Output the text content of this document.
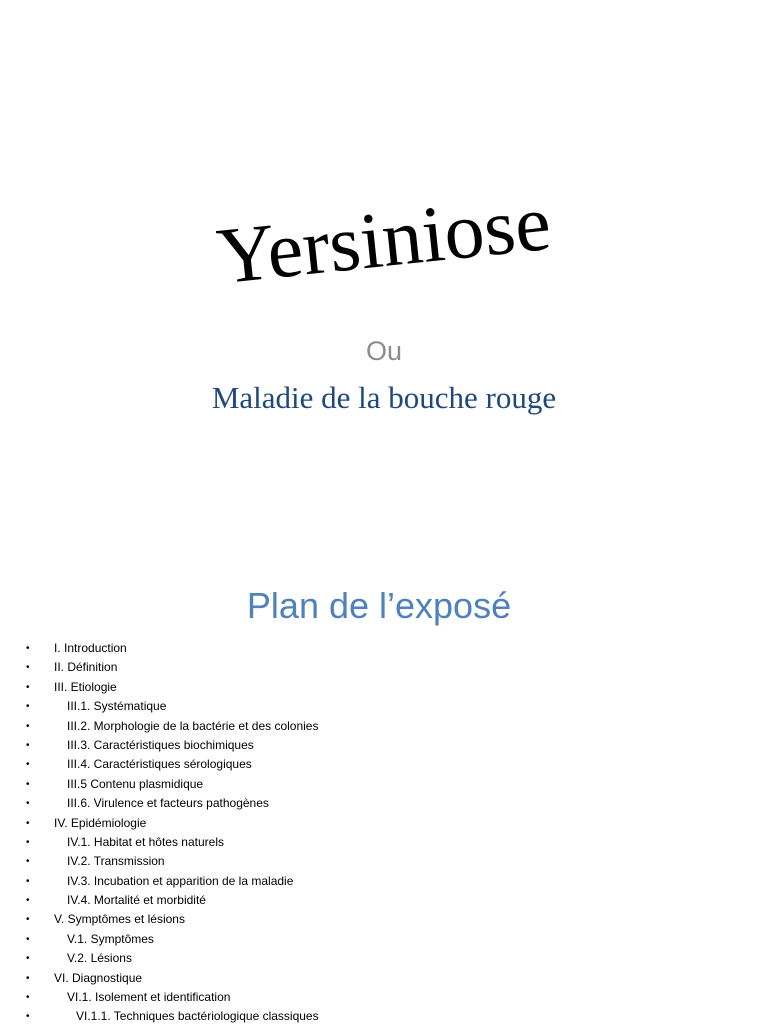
Yersiniose
Ou
Maladie de la bouche rouge
Plan de l’exposé
• I. Introduction
• II. Définition
• III. Etiologie
•	III.1. Systématique
•	III.2. Morphologie de la bactérie et des colonies
•	III.3. Caractéristiques biochimiques
•	III.4. Caractéristiques sérologiques
•	III.5 Contenu plasmidique
•	III.6. Virulence et facteurs pathogènes
• IV. Epidémiologie
•	IV.1. Habitat et hôtes naturels
•	IV.2. Transmission
•	IV.3. Incubation et apparition de la maladie
•	IV.4. Mortalité et morbidité
• V. Symptômes et lésions
•	V.1. Symptômes
•	V.2. Lésions
• VI. Diagnostique
•	VI.1. Isolement et identification
•	VI.1.1. Techniques bactériologique classiques
